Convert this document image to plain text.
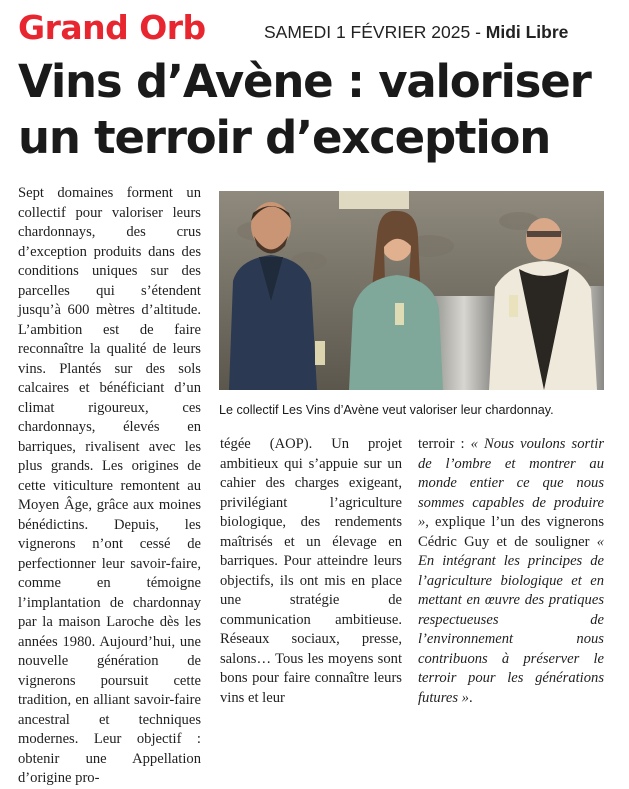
Grand Orb	SAMEDI 1 FÉVRIER 2025 - Midi Libre
Vins d’Avène : valoriser un terroir d’exception

Sept domaines forment un collectif pour valoriser leurs chardonnays, des crus d’exception produits dans des conditions uniques sur des parcelles qui s’étendent jusqu’à 600 mètres d’altitude. L’ambition est de faire reconnaître la qualité de leurs vins. Plantés sur des sols calcaires et bénéficiant d’un climat rigoureux, ces chardonnays, élevés en barriques, rivalisent avec les plus grands. Les origines de cette viticulture remontent au Moyen Âge, grâce aux moines bénédictins. Depuis, les vignerons n’ont cessé de perfectionner leur savoir-faire, comme en témoigne l’implantation de chardonnay par la maison Laroche dès les années 1980. Aujourd’hui, une nouvelle génération de vignerons poursuit cette tradition, en alliant savoir-faire ancestral et techniques modernes. Leur objectif : obtenir une Appellation d’origine pro-

Le collectif Les Vins d’Avène veut valoriser leur chardonnay.

tégée (AOP). Un projet ambitieux qui s’appuie sur un cahier des charges exigeant, privilégiant l’agriculture biologique, des rendements maîtrisés et un élevage en barriques. Pour atteindre leurs objectifs, ils ont mis en place une stratégie de communication ambitieuse. Réseaux sociaux, presse, salons… Tous les moyens sont bons pour faire connaître leurs vins et leur

terroir : « Nous voulons sortir de l’ombre et montrer au monde entier ce que nous sommes capables de produire », explique l’un des vignerons Cédric Guy et de souligner « En intégrant les principes de l’agriculture biologique et en mettant en œuvre des pratiques respectueuses de l’environnement nous contribuons à préserver le terroir pour les générations futures ».
